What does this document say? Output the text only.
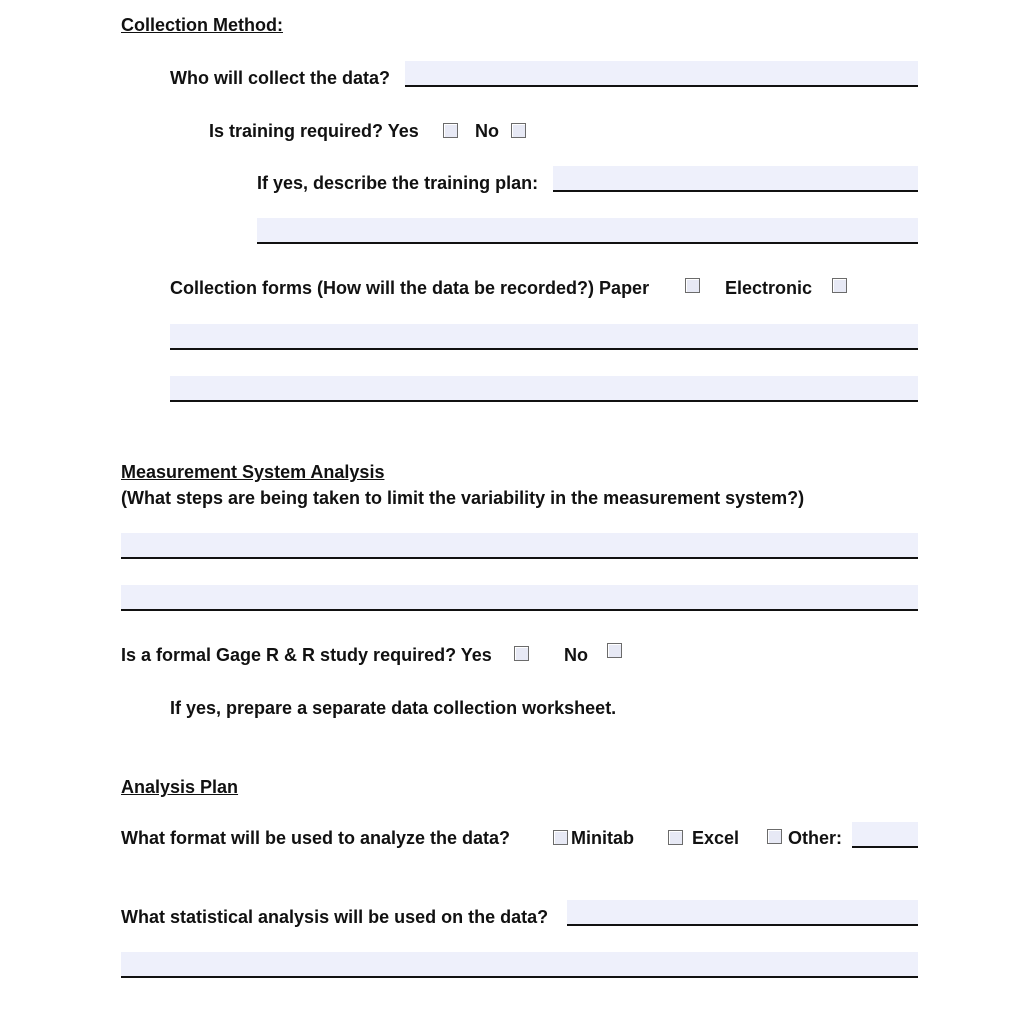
Collection Method:
Who will collect the data?
Is training required? Yes	No
If yes, describe the training plan:
Collection forms (How will the data be recorded?) Paper	Electronic
Measurement System Analysis
(What steps are being taken to limit the variability in the measurement system?)
Is a formal Gage R & R study required? Yes	No
If yes, prepare a separate data collection worksheet.
Analysis Plan
What format will be used to analyze the data?	Minitab	Excel	Other:
What statistical analysis will be used on the data?
